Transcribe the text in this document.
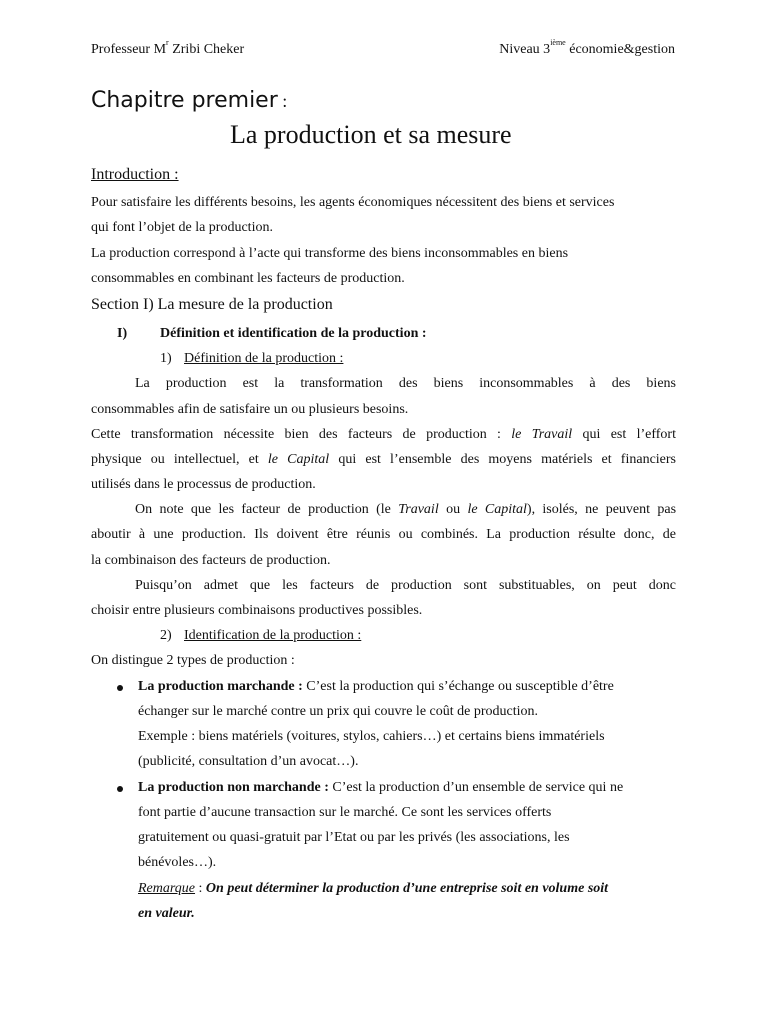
Professeur $M^r$ Zribi Cheker	Niveau 3ième économie&gestion
Chapitre premier :
La production et sa mesure
Introduction :
Pour satisfaire les différents besoins, les agents économiques nécessitent des biens et services
qui font l’objet de la production.
La production correspond à l’acte qui transforme des biens inconsommables en biens
consommables en combinant les facteurs de production.
Section I) La mesure de la production
I) Définition et identification de la production :
1) Définition de la production :
La production est la transformation des biens inconsommables à des biens
consommables afin de satisfaire un ou plusieurs besoins.
Cette transformation nécessite bien des facteurs de production : le Travail qui est l’effort
physique ou intellectuel, et le Capital qui est l’ensemble des moyens matériels et financiers
utilisés dans le processus de production.
On note que les facteur de production (le Travail ou le Capital), isolés, ne peuvent pas
aboutir à une production. Ils doivent être réunis ou combinés. La production résulte donc, de
la combinaison des facteurs de production.
Puisqu’on admet que les facteurs de production sont substituables, on peut donc
choisir entre plusieurs combinaisons productives possibles.
2) Identification de la production :
On distingue 2 types de production :
La production marchande : C’est la production qui s’échange ou susceptible d’être
échanger sur le marché contre un prix qui couvre le coût de production.
Exemple : biens matériels (voitures, stylos, cahiers…) et certains biens immatériels
(publicité, consultation d’un avocat…).
La production non marchande : C’est la production d’un ensemble de service qui ne
font partie d’aucune transaction sur le marché. Ce sont les services offerts
gratuitement ou quasi-gratuit par l’Etat ou par les privés (les associations, les
bénévoles…).
Remarque : On peut déterminer la production d’une entreprise soit en volume soit
en valeur.
